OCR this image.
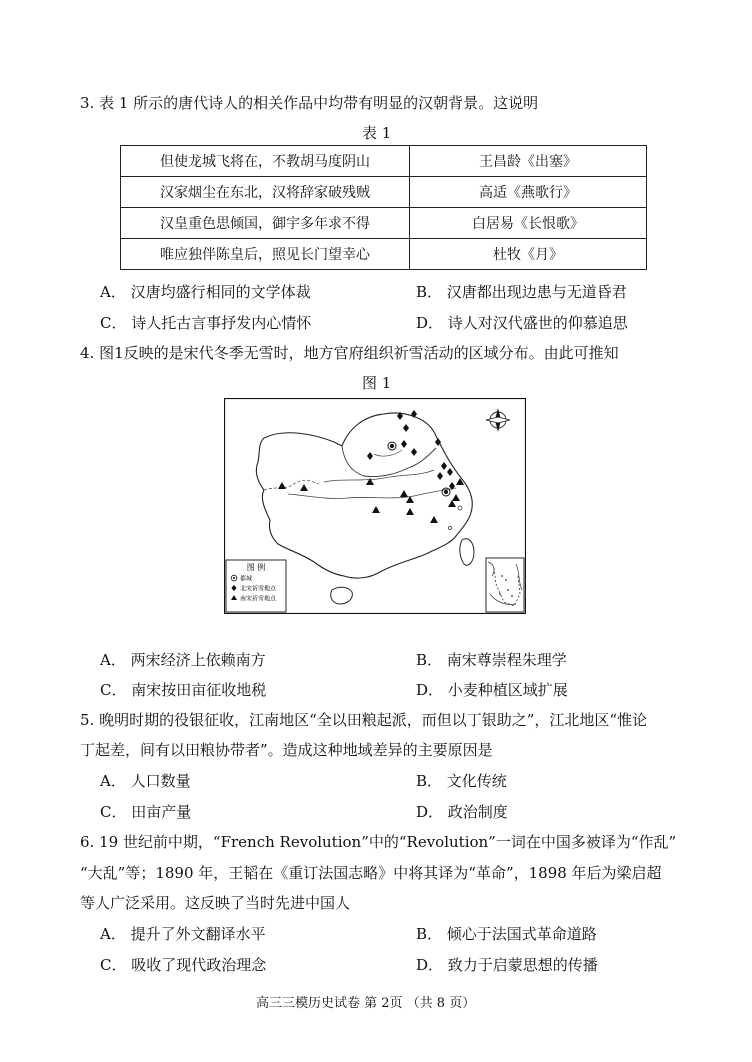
3. 表 1 所示的唐代诗人的相关作品中均带有明显的汉朝背景。这说明
表 1
但使龙城飞将在，不教胡马度阴山	王昌龄《出塞》
汉家烟尘在东北，汉将辞家破残贼	高适《燕歌行》
汉皇重色思倾国，御宇多年求不得	白居易《长恨歌》
唯应独伴陈皇后，照见长门望幸心	杜牧《月》
A． 汉唐均盛行相同的文学体裁	B． 汉唐都出现边患与无道昏君
C． 诗人托古言事抒发内心情怀	D． 诗人对汉代盛世的仰慕追思
4. 图1反映的是宋代冬季无雪时，地方官府组织祈雪活动的区域分布。由此可推知
图 1
图 例
都城
北宋祈雪地点
南宋祈雪地点
A． 两宋经济上依赖南方	B． 南宋尊崇程朱理学
C． 南宋按田亩征收地税	D． 小麦种植区域扩展
5. 晚明时期的役银征收，江南地区“全以田粮起派，而但以丁银助之”，江北地区“惟论
丁起差，间有以田粮协带者”。造成这种地域差异的主要原因是
A． 人口数量	B． 文化传统
C． 田亩产量	D． 政治制度
6. 19 世纪前中期，“French Revolution”中的“Revolution”一词在中国多被译为“作乱”
“大乱”等；1890 年，王韬在《重订法国志略》中将其译为“革命”，1898 年后为梁启超
等人广泛采用。这反映了当时先进中国人
A． 提升了外文翻译水平	B． 倾心于法国式革命道路
C． 吸收了现代政治理念	D． 致力于启蒙思想的传播
高三三模历史试卷 第 2页 （共 8 页）
